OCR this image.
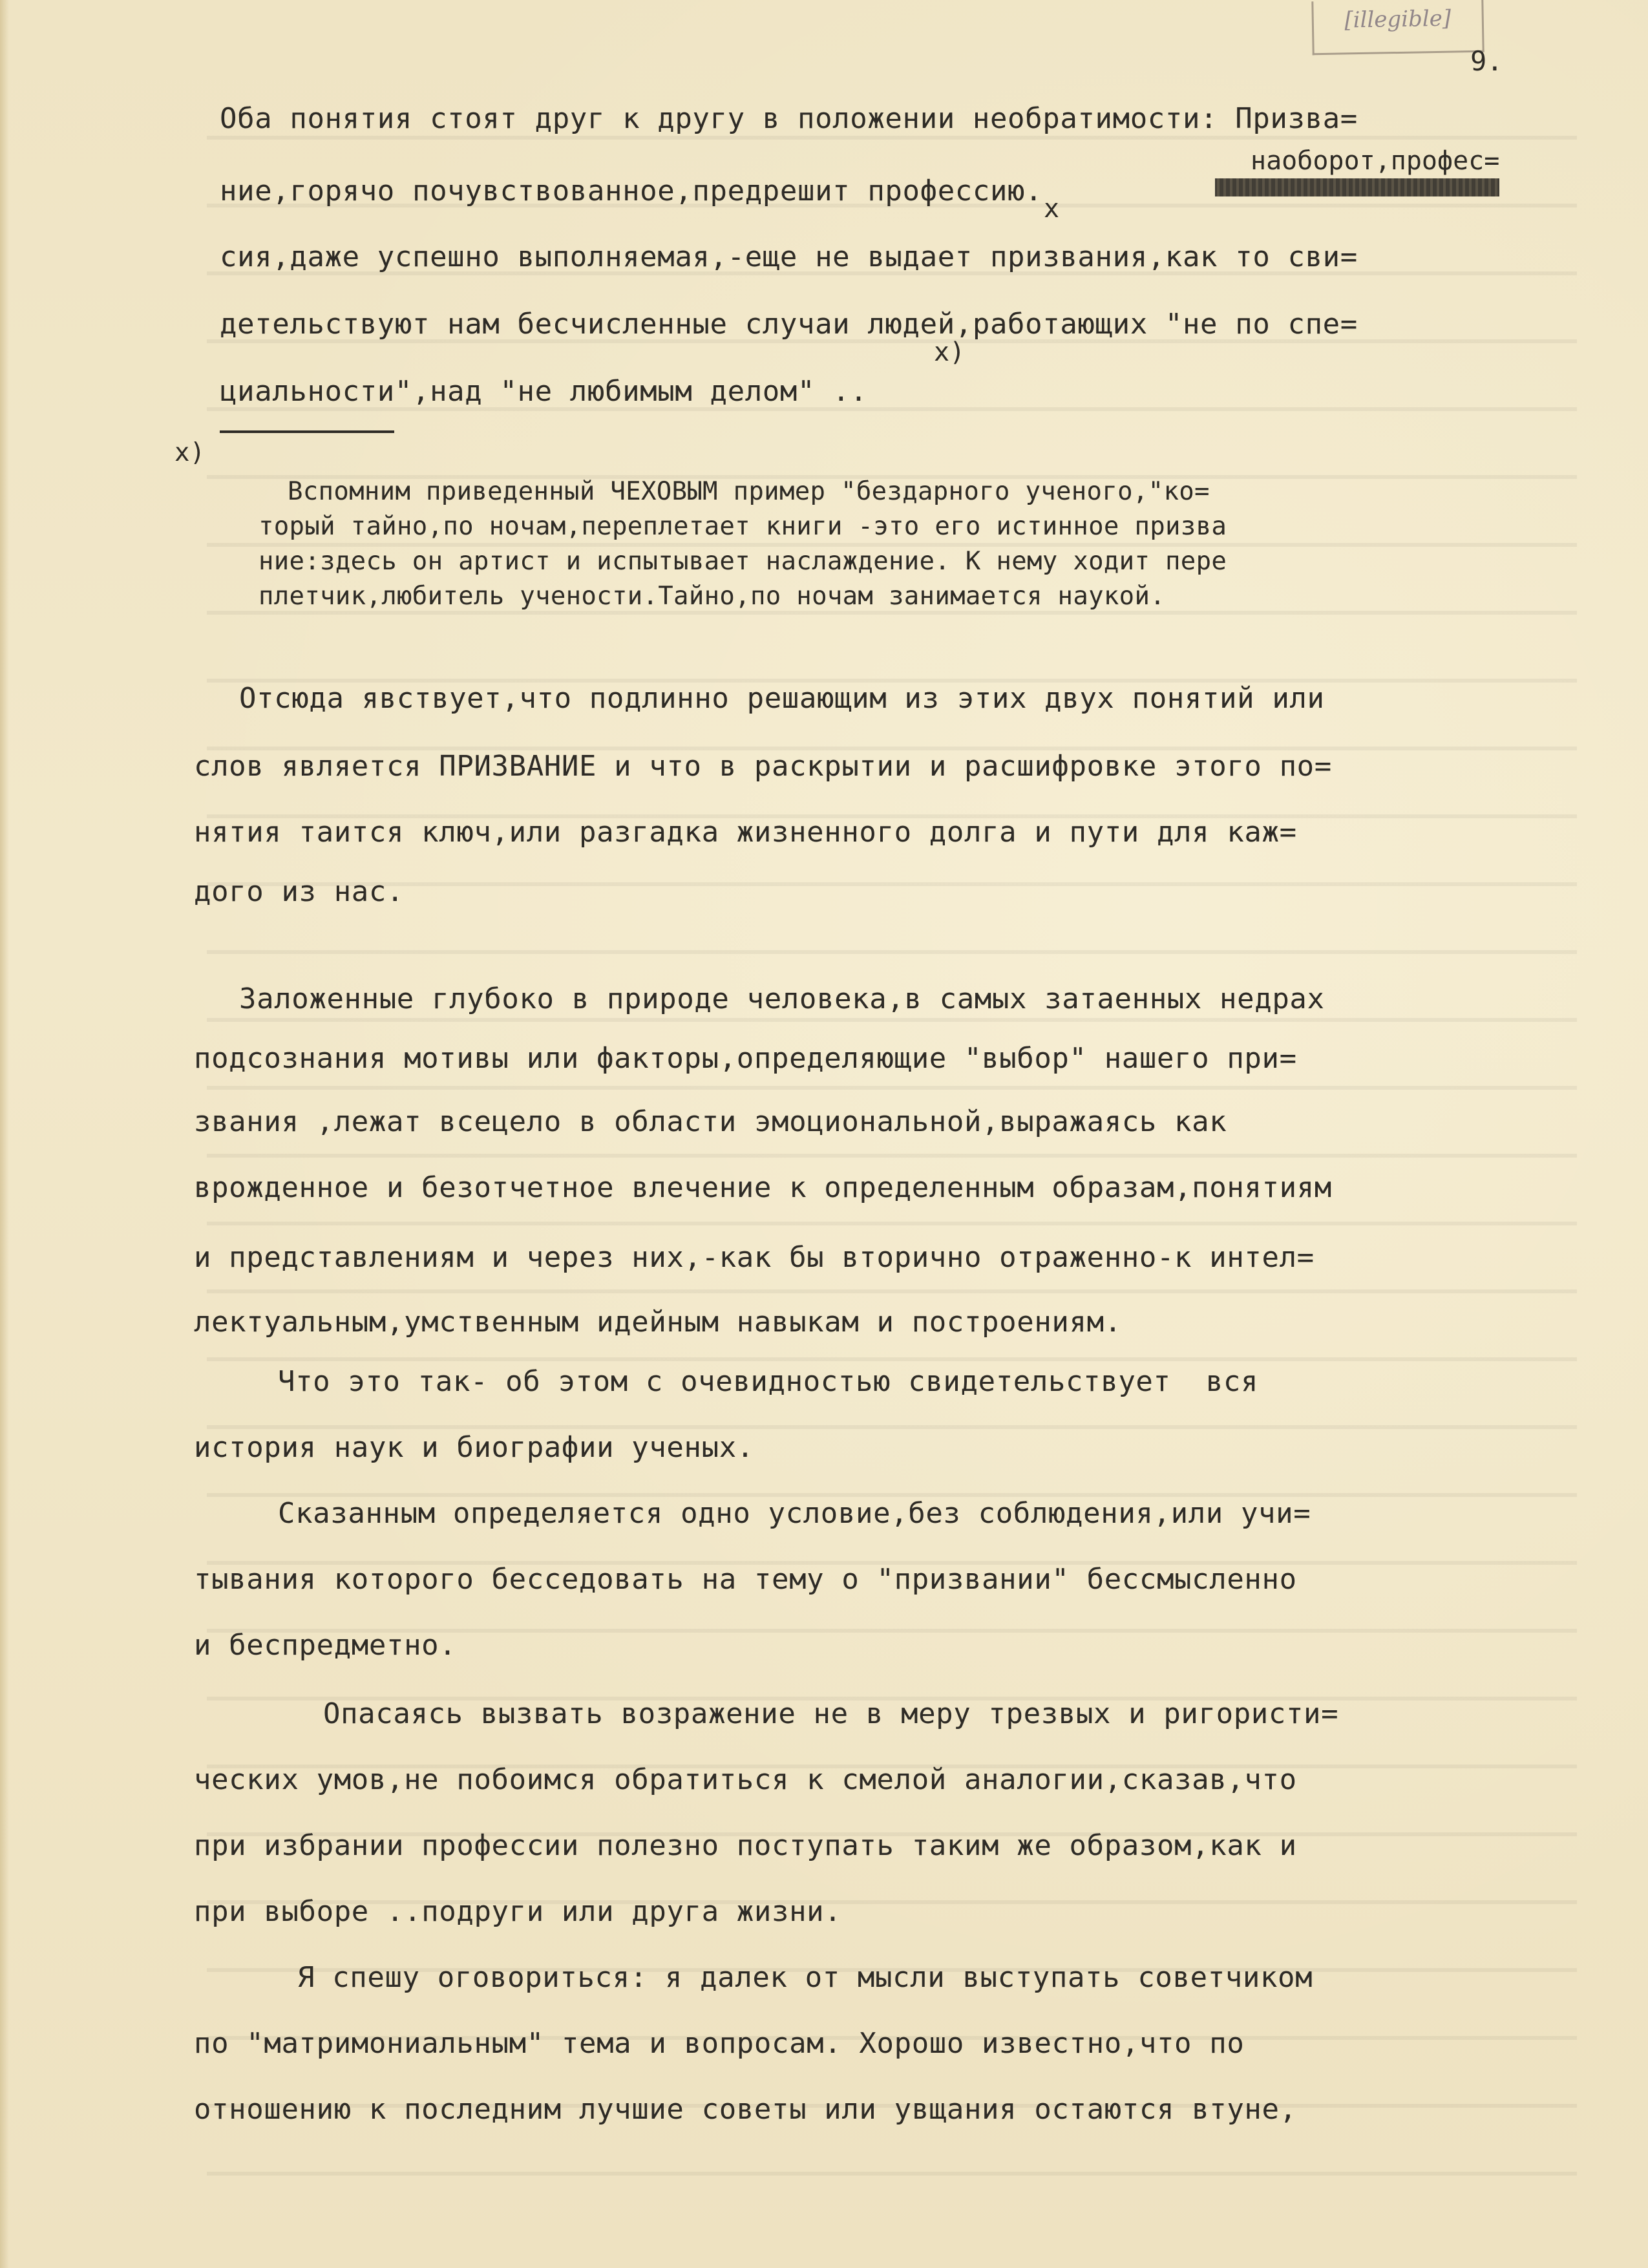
[illegible]
9.
Оба понятия стоят друг к другу в положении необратимости: Призва=
наоборот,профес=
ние,горячо почувствованное,предрешит профессию.
x
сия,даже успешно выполняемая,-еще не выдает призвания,как то сви=
детельствуют нам бесчисленные случаи людей,работающих "не по спе=
x)
циальности",над "не любимым делом" ..
x)
Вспомним приведенный ЧЕХОВЫМ пример "бездарного ученого,"ко=
торый тайно,по ночам,переплетает книги -это его истинное призва
ние:здесь он артист и испытывает наслаждение. К нему ходит пере
плетчик,любитель учености.Тайно,по ночам занимается наукой.
Отсюда явствует,что подлинно решающим из этих двух понятий или
слов является ПРИЗВАНИЕ и что в раскрытии и расшифровке этого по=
нятия таится ключ,или разгадка жизненного долга и пути для каж=
дого из нас.
Заложенные глубоко в природе человека,в самых затаенных недрах
подсознания мотивы или факторы,определяющие "выбор" нашего при=
звания ,лежат всецело в области эмоциональной,выражаясь как
врожденное и безотчетное влечение к определенным образам,понятиям
и представлениям и через них,-как бы вторично отраженно-к интел=
лектуальным,умственным идейным навыкам и построениям.
Что это так- об этом с очевидностью свидетельствует  вся
история наук и биографии ученых.
Сказанным определяется одно условие,без соблюдения,или учи=
тывания которого бесседовать на тему о "призвании" бессмысленно
и беспредметно.
Опасаясь вызвать возражение не в меру трезвых и ригористи=
ческих умов,не побоимся обратиться к смелой аналогии,сказав,что
при избрании профессии полезно поступать таким же образом,как и
при выборе ..подруги или друга жизни.
Я спешу оговориться: я далек от мысли выступать советчиком
по "матримониальным" тема и вопросам. Хорошо известно,что по
отношению к последним лучшие советы или увщания остаются втуне,
